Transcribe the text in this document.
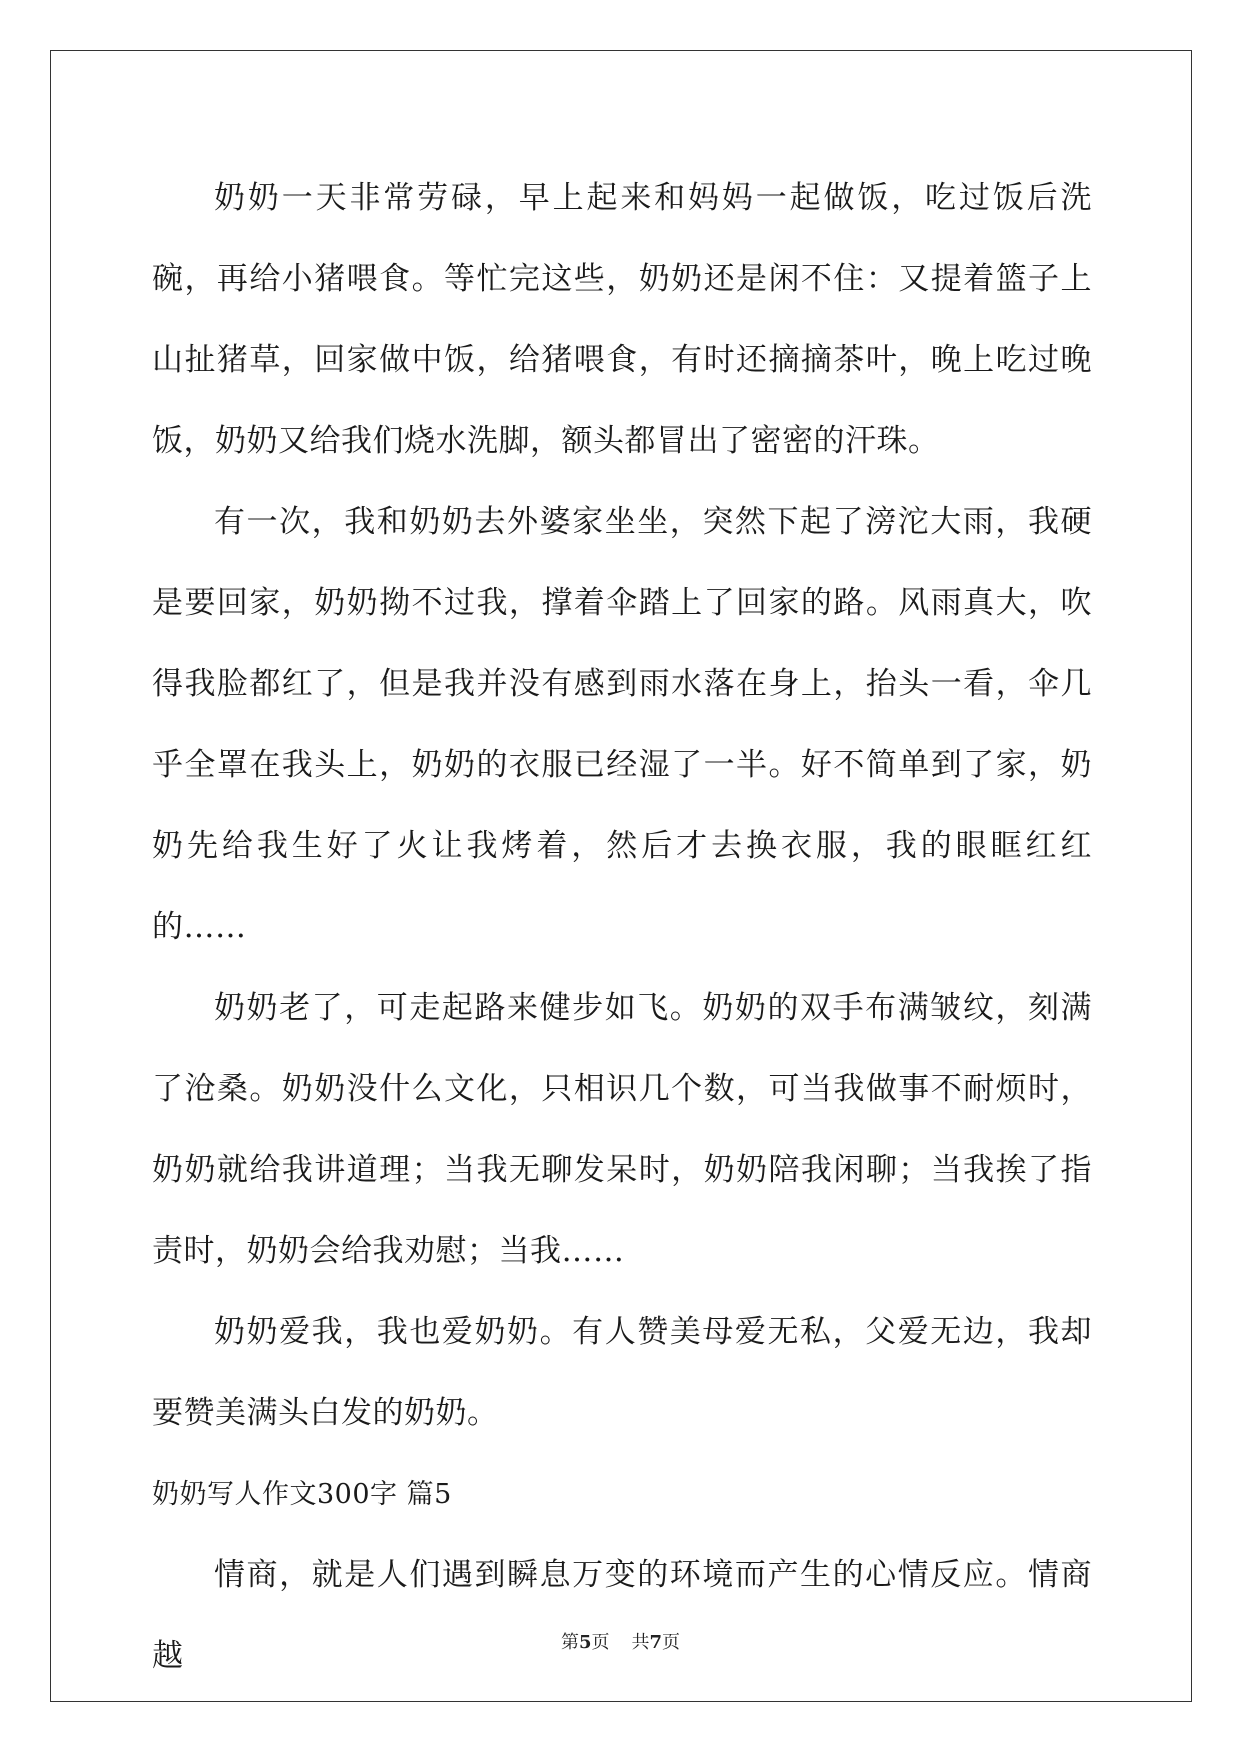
奶奶一天非常劳碌，早上起来和妈妈一起做饭，吃过饭后洗碗，再给小猪喂食。等忙完这些，奶奶还是闲不住：又提着篮子上山扯猪草，回家做中饭，给猪喂食，有时还摘摘茶叶，晚上吃过晚饭，奶奶又给我们烧水洗脚，额头都冒出了密密的汗珠。

有一次，我和奶奶去外婆家坐坐，突然下起了滂沱大雨，我硬是要回家，奶奶拗不过我，撑着伞踏上了回家的路。风雨真大，吹得我脸都红了，但是我并没有感到雨水落在身上，抬头一看，伞几乎全罩在我头上，奶奶的衣服已经湿了一半。好不简单到了家，奶奶先给我生好了火让我烤着，然后才去换衣服，我的眼眶红红的……

奶奶老了，可走起路来健步如飞。奶奶的双手布满皱纹，刻满了沧桑。奶奶没什么文化，只相识几个数，可当我做事不耐烦时，奶奶就给我讲道理；当我无聊发呆时，奶奶陪我闲聊；当我挨了指责时，奶奶会给我劝慰；当我……

奶奶爱我，我也爱奶奶。有人赞美母爱无私，父爱无边，我却要赞美满头白发的奶奶。

奶奶写人作文300字 篇5

情商，就是人们遇到瞬息万变的环境而产生的心情反应。情商越	第5页 共7页
